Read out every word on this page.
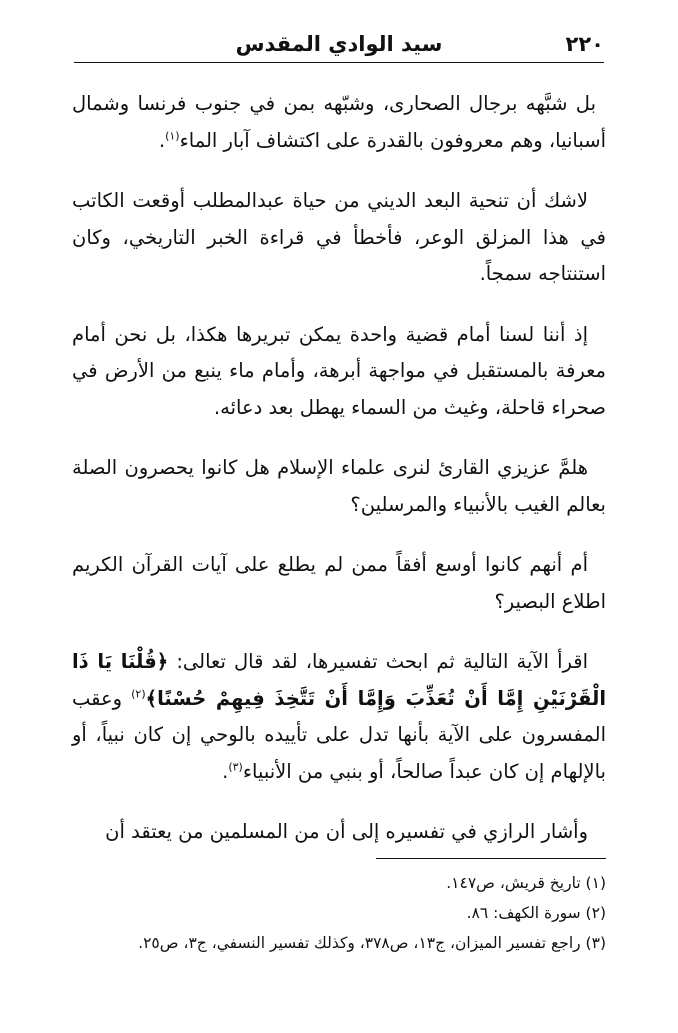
٢٢٠
سيد الوادي المقدس

بل شبَّهه برجال الصحارى، وشبّهه بمن في جنوب فرنسا وشمال أسبانيا، وهم معروفون بالقدرة على اكتشاف آبار الماء$^{(١)}$.

لاشك أن تنحية البعد الديني من حياة عبدالمطلب أوقعت الكاتب في هذا المزلق الوعر، فأخطأ في قراءة الخبر التاريخي، وكان استنتاجه سمجاً.

إذ أننا لسنا أمام قضية واحدة يمكن تبريرها هكذا، بل نحن أمام معرفة بالمستقبل في مواجهة أبرهة، وأمام ماء ينبع من الأرض في صحراء قاحلة، وغيث من السماء يهطل بعد دعائه.

هلمَّ عزيزي القارئ لنرى علماء الإسلام هل كانوا يحصرون الصلة بعالم الغيب بالأنبياء والمرسلين؟

أم أنهم كانوا أوسع أفقاً ممن لم يطلع على آيات القرآن الكريم اطلاع البصير؟

اقرأ الآية التالية ثم ابحث تفسيرها، لقد قال تعالى: ﴿قُلْنَا يَا ذَا الْقَرْنَيْنِ إِمَّا أَنْ تُعَذِّبَ وَإِمَّا أَنْ تَتَّخِذَ فِيهِمْ حُسْنًا﴾$^{(٢)}$ وعقب المفسرون على الآية بأنها تدل على تأييده بالوحي إن كان نبياً، أو بالإلهام إن كان عبداً صالحاً، أو بنبي من الأنبياء$^{(٣)}$.

وأشار الرازي في تفسيره إلى أن من المسلمين من يعتقد أن

(١) تاريخ قريش، ص١٤٧.

(٢) سورة الكهف: ٨٦.

(٣) راجع تفسير الميزان، ج١٣، ص٣٧٨، وكذلك تفسير النسفي، ج٣، ص٢٥.
